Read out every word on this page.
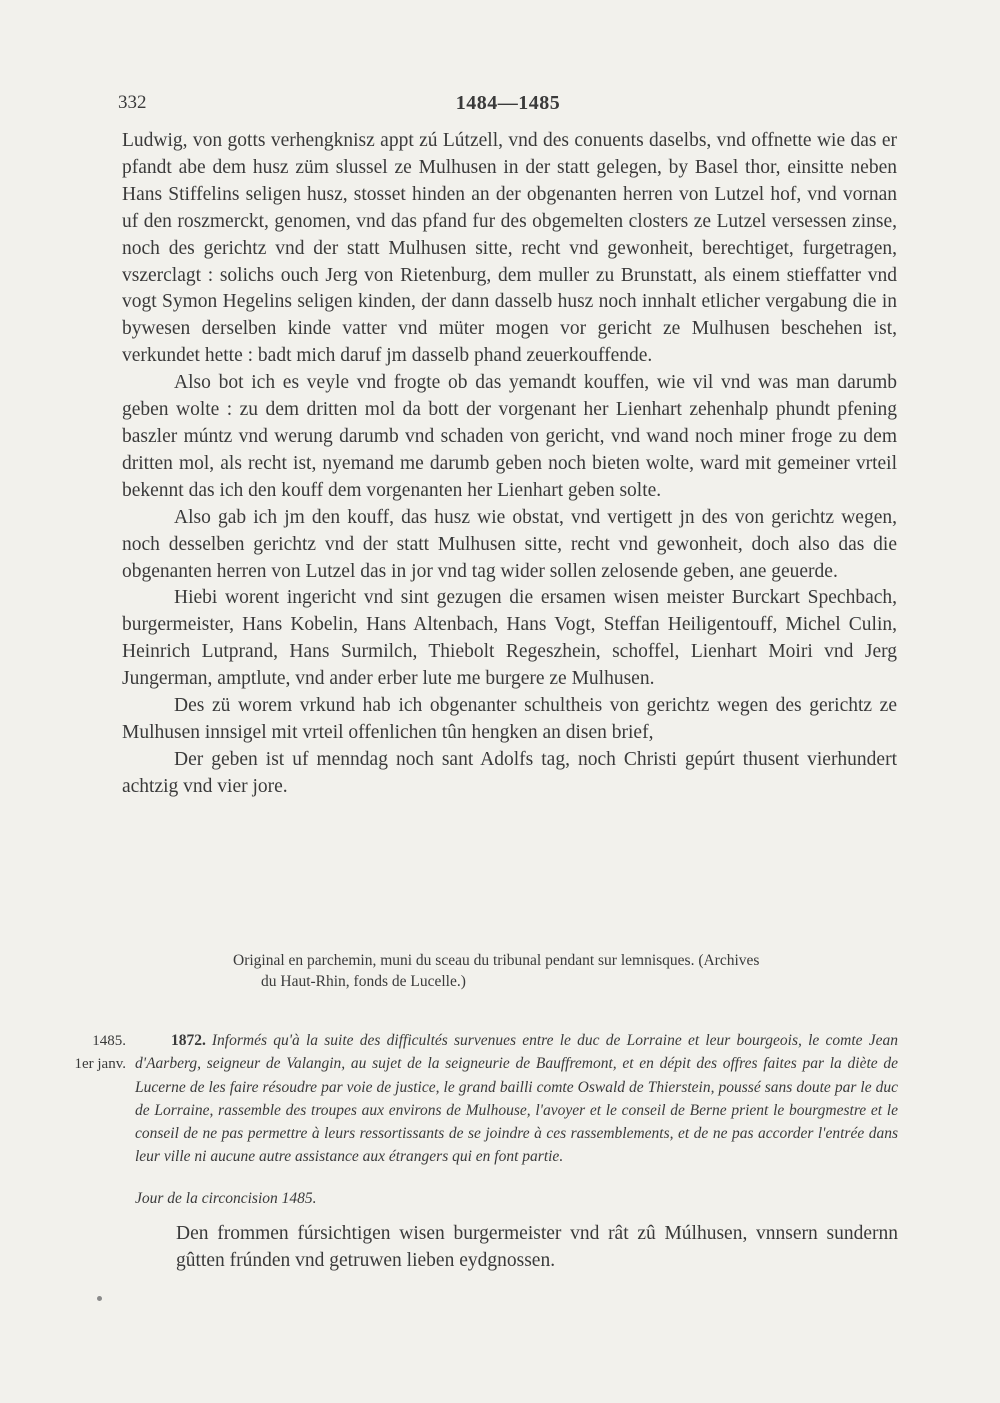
332	1484—1485

Ludwig, von gotts verhengknisz appt zú Lútzell, vnd des conuents daselbs, vnd offnette wie das er pfandt abe dem husz züm slussel ze Mulhusen in der statt gelegen, by Basel thor, einsitte neben Hans Stiffelins seligen husz, stosset hinden an der obgenanten herren von Lutzel hof, vnd vornan uf den roszmerckt, genomen, vnd das pfand fur des obgemelten closters ze Lutzel versessen zinse, noch des gerichtz vnd der statt Mulhusen sitte, recht vnd gewonheit, berechtiget, furgetragen, vszerclagt : solichs ouch Jerg von Rietenburg, dem muller zu Brunstatt, als einem stieffatter vnd vogt Symon Hegelins seligen kinden, der dann dasselb husz noch innhalt etlicher vergabung die in bywesen derselben kinde vatter vnd müter mogen vor gericht ze Mulhusen beschehen ist, verkundet hette : badt mich daruf jm dasselb phand zeuerkouffende.

Also bot ich es veyle vnd frogte ob das yemandt kouffen, wie vil vnd was man darumb geben wolte : zu dem dritten mol da bott der vorgenant her Lienhart zehenhalp phundt pfening baszler múntz vnd werung darumb vnd schaden von gericht, vnd wand noch miner froge zu dem dritten mol, als recht ist, nyemand me darumb geben noch bieten wolte, ward mit gemeiner vrteil bekennt das ich den kouff dem vorgenanten her Lienhart geben solte.

Also gab ich jm den kouff, das husz wie obstat, vnd vertigett jn des von gerichtz wegen, noch desselben gerichtz vnd der statt Mulhusen sitte, recht vnd gewonheit, doch also das die obgenanten herren von Lutzel das in jor vnd tag wider sollen zelosende geben, ane geuerde.

Hiebi worent ingericht vnd sint gezugen die ersamen wisen meister Burckart Spechbach, burgermeister, Hans Kobelin, Hans Altenbach, Hans Vogt, Steffan Heiligentouff, Michel Culin, Heinrich Lutprand, Hans Surmilch, Thiebolt Regeszhein, schoffel, Lienhart Moiri vnd Jerg Jungerman, amptlute, vnd ander erber lute me burgere ze Mulhusen.

Des zü worem vrkund hab ich obgenanter schultheis von gerichtz wegen des gerichtz ze Mulhusen innsigel mit vrteil offenlichen tûn hengken an disen brief,

Der geben ist uf menndag noch sant Adolfs tag, noch Christi gepúrt thusent vierhundert achtzig vnd vier jore.

Original en parchemin, muni du sceau du tribunal pendant sur lemnisques. (Archives
du Haut-Rhin, fonds de Lucelle.)
1485.
1er janv.
1872. Informés qu'à la suite des difficultés survenues entre le duc de Lorraine et leur bourgeois, le comte Jean d'Aarberg, seigneur de Valangin, au sujet de la seigneurie de Bauffremont, et en dépit des offres faites par la diète de Lucerne de les faire résoudre par voie de justice, le grand bailli comte Oswald de Thierstein, poussé sans doute par le duc de Lorraine, rassemble des troupes aux environs de Mulhouse, l'avoyer et le conseil de Berne prient le bourgmestre et le conseil de ne pas permettre à leurs ressortissants de se joindre à ces rassemblements, et de ne pas accorder l'entrée dans leur ville ni aucune autre assistance aux étrangers qui en font partie.
Jour de la circoncision 1485.
Den frommen fúrsichtigen wisen burgermeister vnd rât zû Múlhusen, vnnsern sundernn gûtten frúnden vnd getruwen lieben eydgnossen.
